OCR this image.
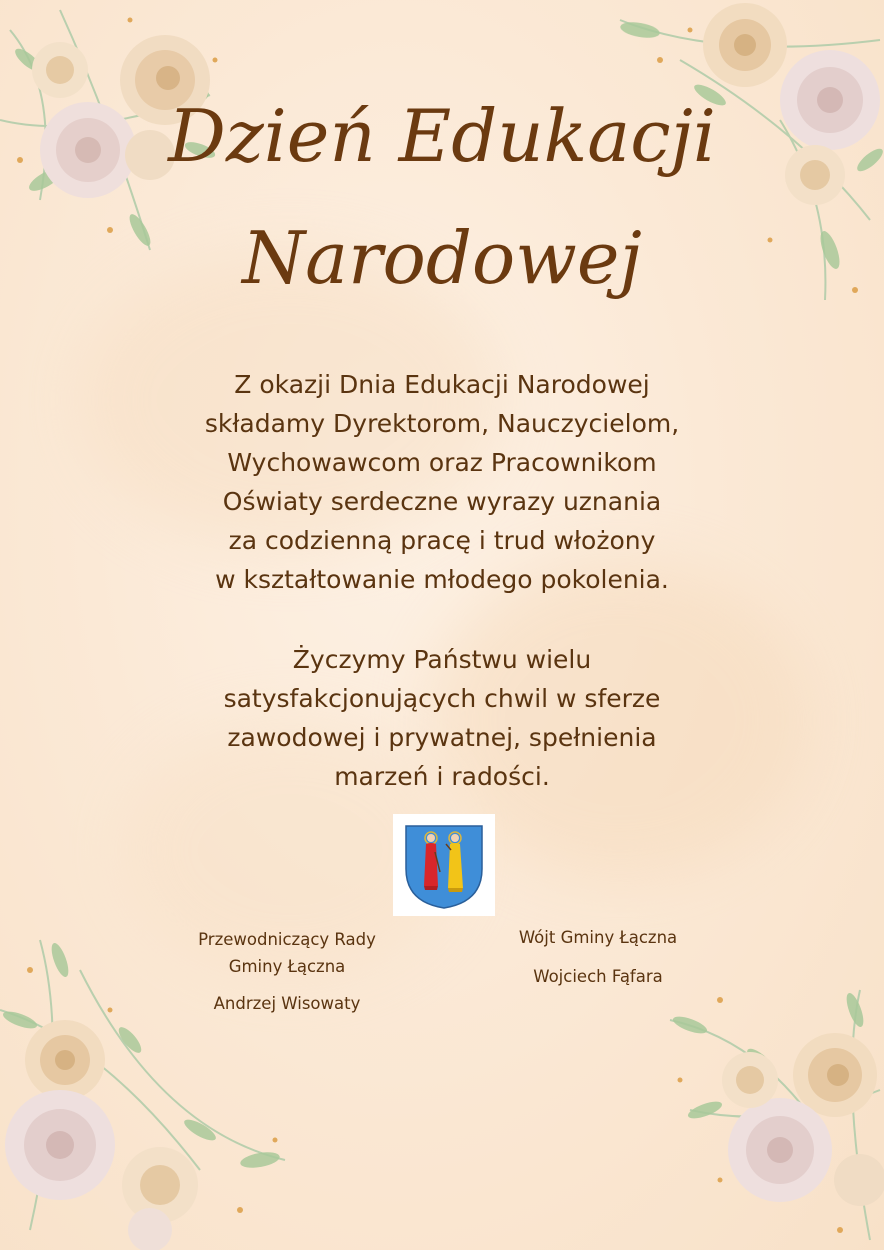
Dzień Edukacji
Narodowej
Z okazji Dnia Edukacji Narodowej
składamy Dyrektorom, Nauczycielom,
Wychowawcom oraz Pracownikom
Oświaty serdeczne wyrazy uznania
za codzienną pracę i trud włożony
w kształtowanie młodego pokolenia.
Życzymy Państwu wielu
satysfakcjonujących chwil w sferze
zawodowej i prywatnej, spełnienia
marzeń i radości.
Przewodniczący Rady
Gminy Łączna
Andrzej Wisowaty
Wójt Gminy Łączna
Wojciech Fąfara
